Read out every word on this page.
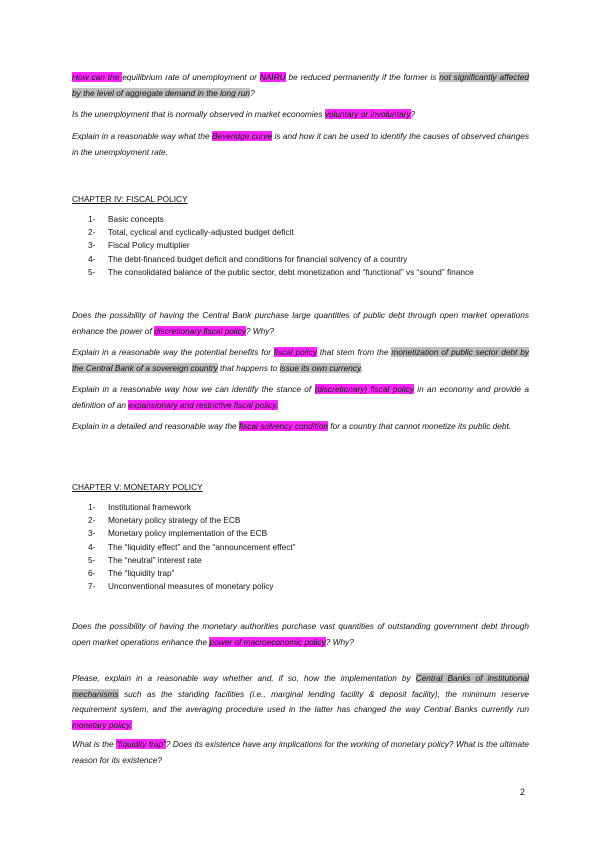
How can the equilibrium rate of unemployment or NAIRU be reduced permanently if the former is not significantly affected by the level of aggregate demand in the long run?

Is the unemployment that is normally observed in market economies voluntary or involuntary?

Explain in a reasonable way what the Beveridge curve is and how it can be used to identify the causes of observed changes in the unemployment rate.

CHAPTER IV: FISCAL POLICY

1- Basic concepts
2- Total, cyclical and cyclically-adjusted budget deficit
3- Fiscal Policy multiplier
4- The debt-financed budget deficit and conditions for financial solvency of a country
5- The consolidated balance of the public sector, debt monetization and “functional” vs “sound” finance

Does the possibility of having the Central Bank purchase large quantities of public debt through open market operations enhance the power of discretionary fiscal policy? Why?

Explain in a reasonable way the potential benefits for fiscal policy that stem from the monetization of public sector debt by the Central Bank of a sovereign country that happens to issue its own currency.

Explain in a reasonable way how we can identify the stance of (discretionary) fiscal policy in an economy and provide a definition of an expansionary and restrictive fiscal policy.

Explain in a detailed and reasonable way the fiscal solvency condition for a country that cannot monetize its public debt.

CHAPTER V: MONETARY POLICY

1- Institutional framework
2- Monetary policy strategy of the ECB
3- Monetary policy implementation of the ECB
4- The “liquidity effect” and the “announcement effect”
5- The “neutral” interest rate
6- The “liquidity trap”
7- Unconventional measures of monetary policy

Does the possibility of having the monetary authorities purchase vast quantities of outstanding government debt through open market operations enhance the power of macroeconomic policy? Why?

Please, explain in a reasonable way whether and, if so, how the implementation by Central Banks of institutional mechanisms such as the standing facilities (i.e., marginal lending facility & deposit facility), the minimum reserve requirement system, and the averaging procedure used in the latter has changed the way Central Banks currently run monetary policy.

What is the “liquidity trap”? Does its existence have any implications for the working of monetary policy? What is the ultimate reason for its existence?

2
